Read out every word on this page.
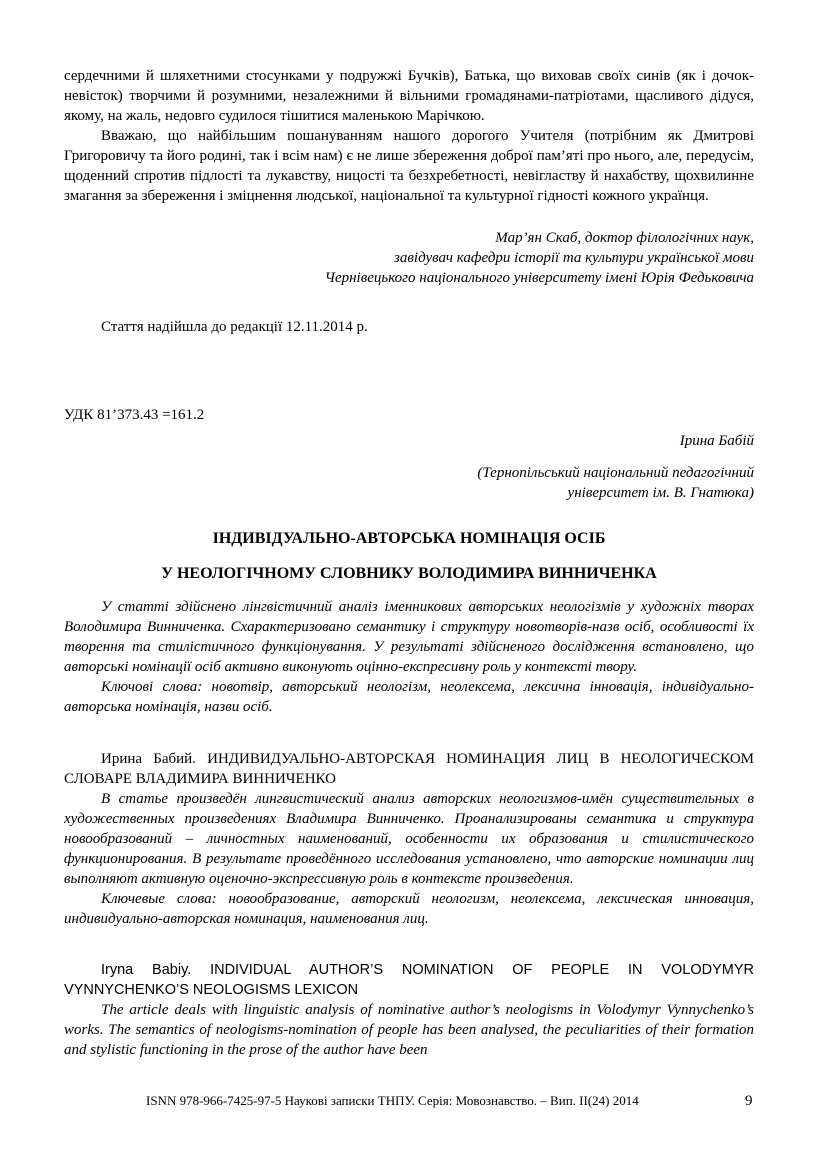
сердечними й шляхетними стосунками у подружжі Бучків), Батька, що виховав своїх синів (як і дочок-невісток) творчими й розумними, незалежними й вільними громадянами-патріотами, щасливого дідуся, якому, на жаль, недовго судилося тішитися маленькою Марічкою.

Вважаю, що найбільшим пошануванням нашого дорогого Учителя (потрібним як Дмитрові Григоровичу та його родині, так і всім нам) є не лише збереження доброї пам’яті про нього, але, передусім, щоденний спротив підлості та лукавству, ницості та безхребетності, невігластву й нахабству, щохвилинне змагання за збереження і зміцнення людської, національної та культурної гідності кожного українця.

Мар’ян Скаб, доктор філологічних наук,
завідувач кафедри історії та культури української мови
Чернівецького національного університету імені Юрія Федьковича

Стаття надійшла до редакції 12.11.2014 р.

УДК 81’373.43 =161.2

Ірина Бабій

(Тернопільський національний педагогічний
університет ім. В. Гнатюка)
ІНДИВІДУАЛЬНО-АВТОРСЬКА НОМІНАЦІЯ ОСІБ
У НЕОЛОГІЧНОМУ СЛОВНИКУ ВОЛОДИМИРА ВИННИЧЕНКА

У статті здійснено лінгвістичний аналіз іменникових авторських неологізмів у художніх творах Володимира Винниченка. Схарактеризовано семантику і структуру новотворів-назв осіб, особливості їх творення та стилістичного функціонування. У результаті здійсненого дослідження встановлено, що авторські номінації осіб активно виконують оцінно-експресивну роль у контексті твору.

Ключові слова: новотвір, авторський неологізм, неолексема, лексична інновація, індивідуально-авторська номінація, назви осіб.

Ирина Бабий. ИНДИВИДУАЛЬНО-АВТОРСКАЯ НОМИНАЦИЯ ЛИЦ В НЕОЛОГИЧЕСКОМ СЛОВАРЕ ВЛАДИМИРА ВИННИЧЕНКО

В статье произведён лингвистический анализ авторских неологизмов-имён существительных в художественных произведениях Владимира Винниченко. Проанализированы семантика и структура новообразований – личностных наименований, особенности их образования и стилистического функционирования. В результате проведённого исследования установлено, что авторские номинации лиц выполняют активную оценочно-экспрессивную роль в контексте произведения.

Ключевые слова: новообразование, авторский неологизм, неолексема, лексическая инновация, индивидуально-авторская номинация, наименования лиц.

Iryna Babiy. INDIVIDUAL AUTHOR’S NOMINATION OF PEOPLE IN VOLODYMYR VYNNYCHENKO’S NEOLOGISMS LEXICON

The article deals with linguistic analysis of nominative author’s neologisms in Volodymyr Vynnychenko’s works. The semantics of neologisms-nomination of people has been analysed, the peculiarities of their formation and stylistic functioning in the prose of the author have been

ISNN 978-966-7425-97-5 Наукові записки ТНПУ. Серія: Мовознавство. – Вип. ІІ(24) 2014	9
